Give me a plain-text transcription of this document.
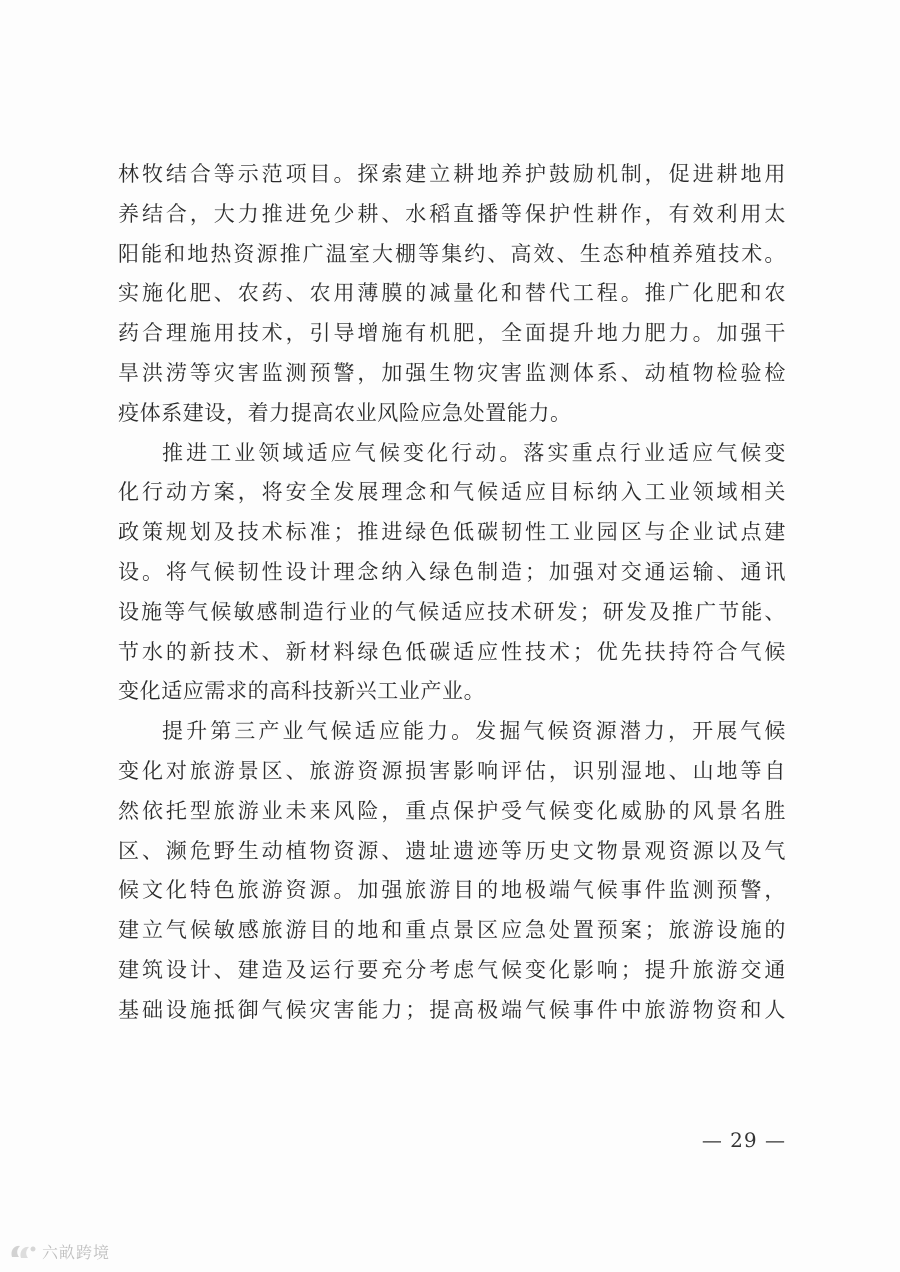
林牧结合等示范项目。探索建立耕地养护鼓励机制，促进耕地用
养结合，大力推进免少耕、水稻直播等保护性耕作，有效利用太
阳能和地热资源推广温室大棚等集约、高效、生态种植养殖技术。
实施化肥、农药、农用薄膜的减量化和替代工程。推广化肥和农
药合理施用技术，引导增施有机肥，全面提升地力肥力。加强干
旱洪涝等灾害监测预警，加强生物灾害监测体系、动植物检验检
疫体系建设，着力提高农业风险应急处置能力。
推进工业领域适应气候变化行动。落实重点行业适应气候变
化行动方案，将安全发展理念和气候适应目标纳入工业领域相关
政策规划及技术标准；推进绿色低碳韧性工业园区与企业试点建
设。将气候韧性设计理念纳入绿色制造；加强对交通运输、通讯
设施等气候敏感制造行业的气候适应技术研发；研发及推广节能、
节水的新技术、新材料绿色低碳适应性技术；优先扶持符合气候
变化适应需求的高科技新兴工业产业。
提升第三产业气候适应能力。发掘气候资源潜力，开展气候
变化对旅游景区、旅游资源损害影响评估，识别湿地、山地等自
然依托型旅游业未来风险，重点保护受气候变化威胁的风景名胜
区、濒危野生动植物资源、遗址遗迹等历史文物景观资源以及气
候文化特色旅游资源。加强旅游目的地极端气候事件监测预警，
建立气候敏感旅游目的地和重点景区应急处置预案；旅游设施的
建筑设计、建造及运行要充分考虑气候变化影响；提升旅游交通
基础设施抵御气候灾害能力；提高极端气候事件中旅游物资和人
— 29 —
六畝跨境
